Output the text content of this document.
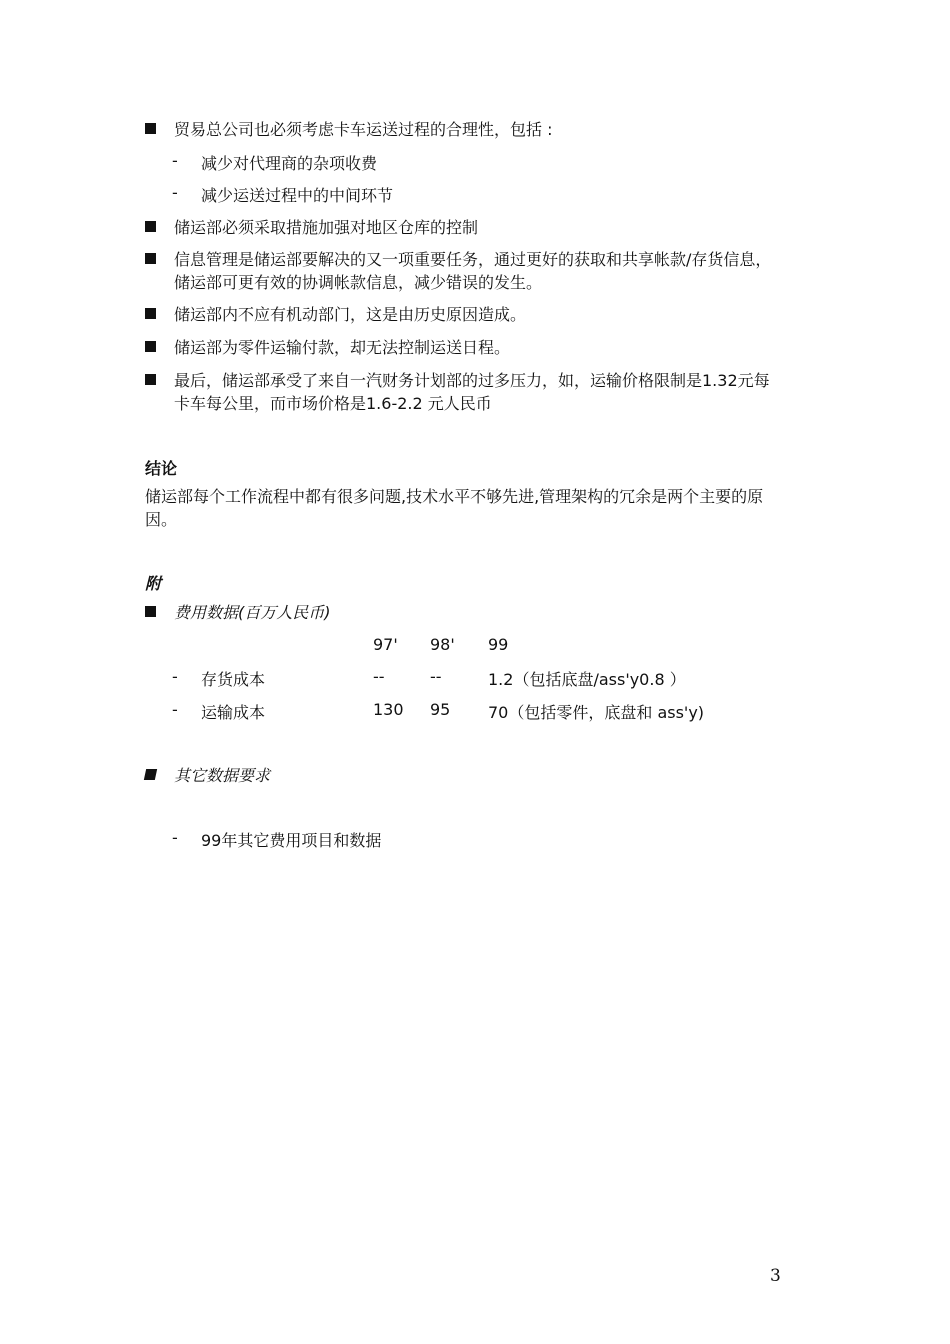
贸易总公司也必须考虑卡车运送过程的合理性，包括 :
- 减少对代理商的杂项收费
- 减少运送过程中的中间环节
储运部必须采取措施加强对地区仓库的控制
信息管理是储运部要解决的又一项重要任务，通过更好的获取和共享帐款/存货信息，储运部可更有效的协调帐款信息，减少错误的发生。
储运部内不应有机动部门，这是由历史原因造成。
储运部为零件运输付款，却无法控制运送日程。
最后，储运部承受了来自一汽财务计划部的过多压力，如，运输价格限制是1.32元每卡车每公里，而市场价格是1.6-2.2 元人民币
结论
储运部每个工作流程中都有很多问题,技术水平不够先进,管理架构的冗余是两个主要的原因。
附
费用数据(百万人民币)
97' 98' 99
- 存货成本	--	--	1.2（包括底盘/ass'y0.8 ）
- 运输成本	130 95 70（包括零件，底盘和 ass'y)
其它数据要求
- 99年其它费用项目和数据
3
